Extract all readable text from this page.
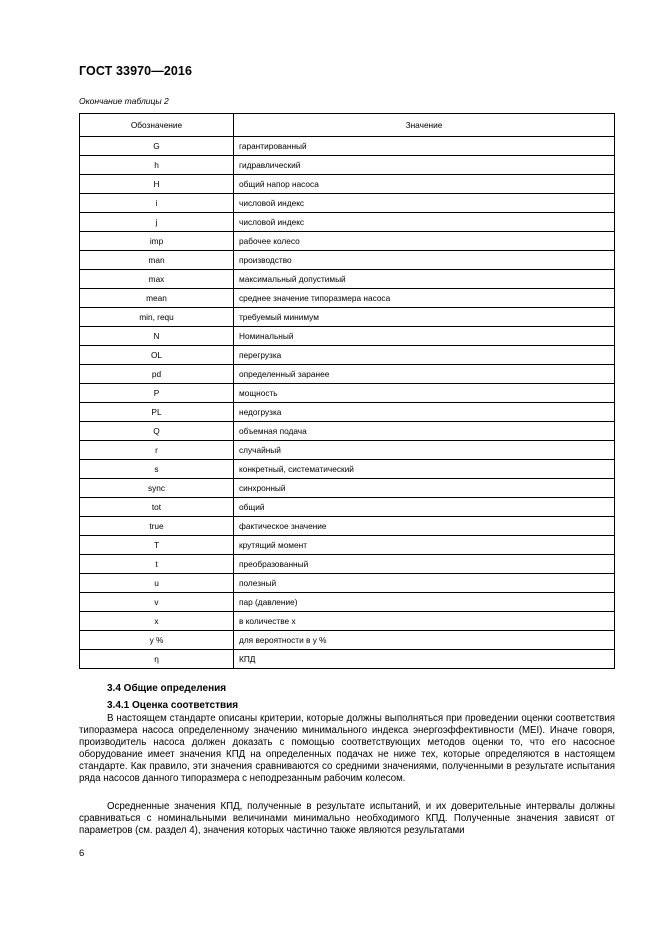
ГОСТ 33970—2016
Окончание таблицы 2
Обозначение	Значение
G	гарантированный
h	гидравлический
H	общий напор насоса
i	числовой индекс
j	числовой индекс
imp	рабочее колесо
man	производство
max	максимальный допустимый
mean	среднее значение типоразмера насоса
min, requ	требуемый минимум
N	Номинальный
OL	перегрузка
pd	определенный заранее
P	мощность
PL	недогрузка
Q	объемная подача
r	случайный
s	конкретный, систематический
sync	синхронный
tot	общий
true	фактическое значение
T	крутящий момент
t	преобразованный
u	полезный
v	пар (давление)
x	в количестве x
y %	для вероятности в y %
η	КПД
3.4 Общие определения
3.4.1 Оценка соответствия

В настоящем стандарте описаны критерии, которые должны выполняться при проведении оценки соответствия типоразмера насоса определенному значению минимального индекса энергоэффективности (MEI). Иначе говоря, производитель насоса должен доказать с помощью соответствующих методов оценки то, что его насосное оборудование имеет значения КПД на определенных подачах не ниже тех, которые определяются в настоящем стандарте. Как правило, эти значения сравниваются со средними значениями, полученными в результате испытания ряда насосов данного типоразмера с неподрезанным рабочим колесом.

Осредненные значения КПД, полученные в результате испытаний, и их доверительные интервалы должны сравниваться с номинальными величинами минимально необходимого КПД. Полученные значения зависят от параметров (см. раздел 4), значения которых частично также являются результатами

6
